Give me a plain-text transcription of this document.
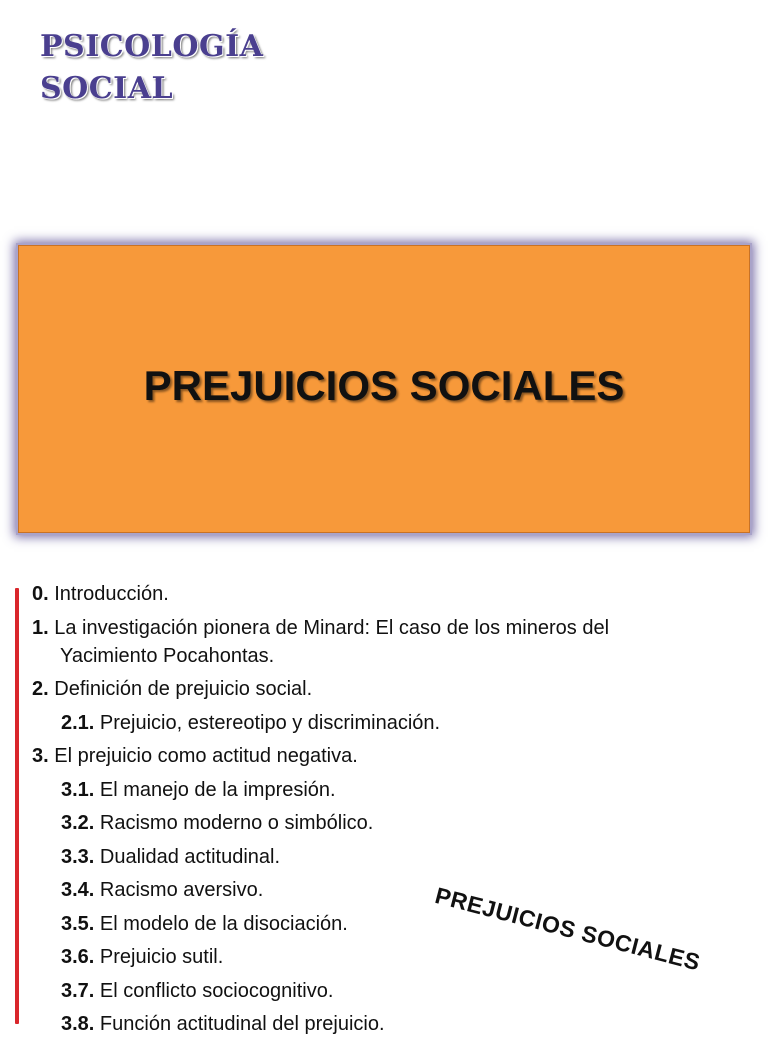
PSICOLOGÍA
SOCIAL
PREJUICIOS SOCIALES
0. Introducción.
1. La investigación pionera de Minard: El caso de los mineros del
Yacimiento Pocahontas.
2. Definición de prejuicio social.
2.1. Prejuicio, estereotipo y discriminación.
3. El prejuicio como actitud negativa.
3.1. El manejo de la impresión.
3.2. Racismo moderno o simbólico.
3.3. Dualidad actitudinal.
3.4. Racismo aversivo.
3.5. El modelo de la disociación.
3.6. Prejuicio sutil.
3.7. El conflicto sociocognitivo.
3.8. Función actitudinal del prejuicio.

PREJUICIOS SOCIALES
